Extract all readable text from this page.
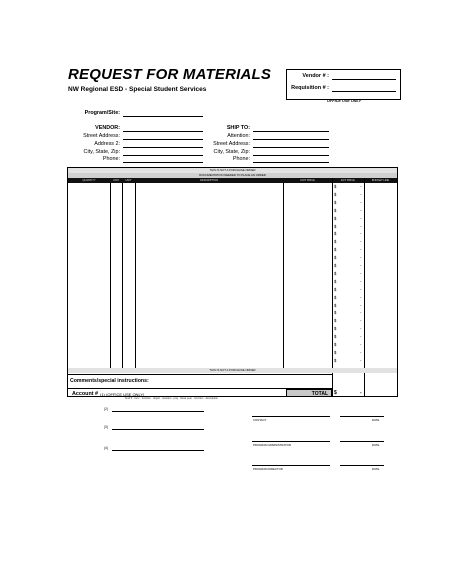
REQUEST FOR MATERIALS
NW Regional ESD - Special Student Services
Vendor # :
Requisition # :
OFFICE USE ONLY
Program/Site:
VENDOR:
Street Address:
Address 2:
City, State, Zip:
Phone:
SHIP TO:
Attention:
Street Address:
City, State, Zip:
Phone:
THIS IS NOT A PURCHASE ORDER
DOCUMENTATION NEEDED TO PLACE AN ORDER
QUANTITY	UNIT	UNIT	DESCRIPTION	UNIT PRICE	EXT PRICE	BUDGET LINE
$	-
$	-
$	-
$	-
$	-
$	-
$	-
$	-
$	-
$	-
$	-
$	-
$	-
$	-
$	-
$	-
$	-
$	-
$	-
$	-
$	-
$	-
$	-
THIS IS NOT A PURCHASE ORDER
Comments/special instructions:
TOTAL $	-
Account # (1) (OFFICE USE ONLY)
fund # · func · function · object · location · proj · fiscal year · function · description
(2)
(3)
(4)
CONTACT	DATE
PROGRAM ADMINISTRATOR	DATE
PROGRAM DIRECTOR	DATE
